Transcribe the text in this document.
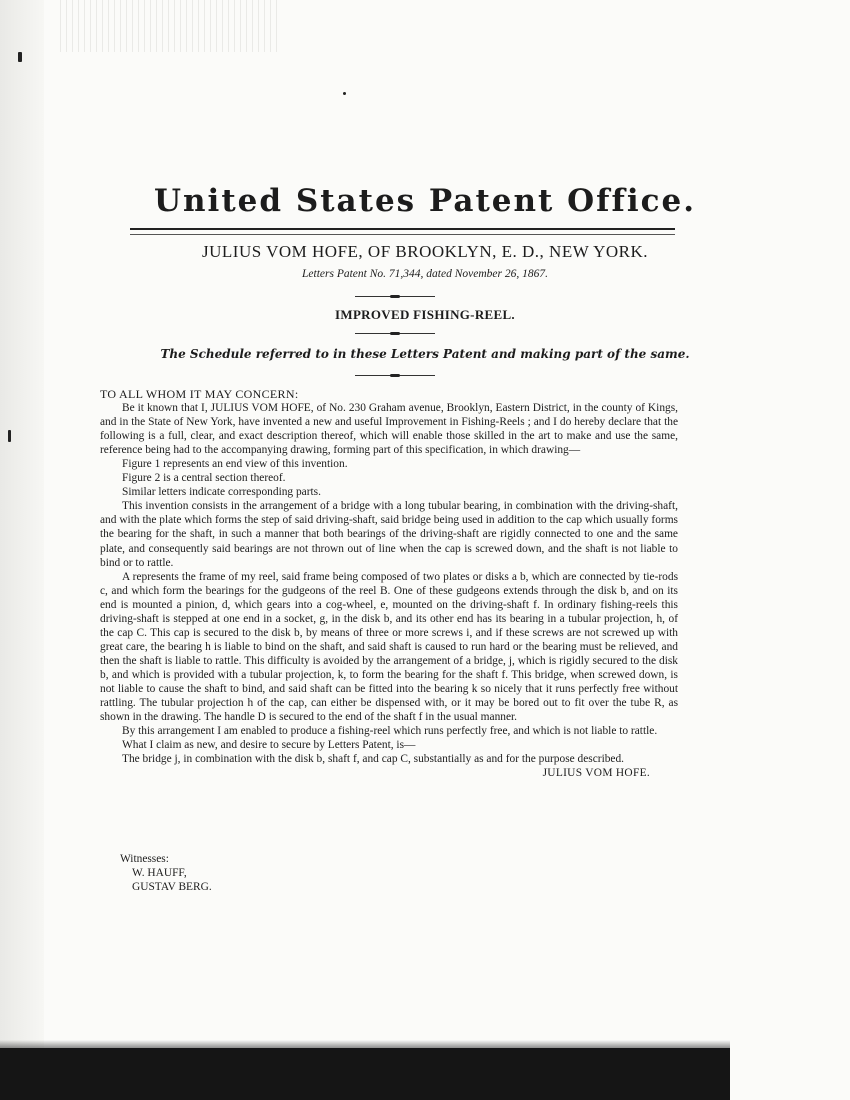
United States Patent Office.
JULIUS VOM HOFE, OF BROOKLYN, E. D., NEW YORK.
Letters Patent No. 71,344, dated November 26, 1867.
IMPROVED FISHING-REEL.
The Schedule referred to in these Letters Patent and making part of the same.

TO ALL WHOM IT MAY CONCERN:

Be it known that I, JULIUS VOM HOFE, of No. 230 Graham avenue, Brooklyn, Eastern District, in the county of Kings, and in the State of New York, have invented a new and useful Improvement in Fishing-Reels ; and I do hereby declare that the following is a full, clear, and exact description thereof, which will enable those skilled in the art to make and use the same, reference being had to the accompanying drawing, forming part of this specification, in which drawing—

Figure 1 represents an end view of this invention.

Figure 2 is a central section thereof.

Similar letters indicate corresponding parts.

This invention consists in the arrangement of a bridge with a long tubular bearing, in combination with the driving-shaft, and with the plate which forms the step of said driving-shaft, said bridge being used in addition to the cap which usually forms the bearing for the shaft, in such a manner that both bearings of the driving-shaft are rigidly connected to one and the same plate, and consequently said bearings are not thrown out of line when the cap is screwed down, and the shaft is not liable to bind or to rattle.

A represents the frame of my reel, said frame being composed of two plates or disks a b, which are connected by tie-rods c, and which form the bearings for the gudgeons of the reel B. One of these gudgeons extends through the disk b, and on its end is mounted a pinion, d, which gears into a cog-wheel, e, mounted on the driving-shaft f. In ordinary fishing-reels this driving-shaft is stepped at one end in a socket, g, in the disk b, and its other end has its bearing in a tubular projection, h, of the cap C. This cap is secured to the disk b, by means of three or more screws i, and if these screws are not screwed up with great care, the bearing h is liable to bind on the shaft, and said shaft is caused to run hard or the bearing must be relieved, and then the shaft is liable to rattle. This difficulty is avoided by the arrangement of a bridge, j, which is rigidly secured to the disk b, and which is provided with a tubular projection, k, to form the bearing for the shaft f. This bridge, when screwed down, is not liable to cause the shaft to bind, and said shaft can be fitted into the bearing k so nicely that it runs perfectly free without rattling. The tubular projection h of the cap, can either be dispensed with, or it may be bored out to fit over the tube R, as shown in the drawing. The handle D is secured to the end of the shaft f in the usual manner.

By this arrangement I am enabled to produce a fishing-reel which runs perfectly free, and which is not liable to rattle.

What I claim as new, and desire to secure by Letters Patent, is—

The bridge j, in combination with the disk b, shaft f, and cap C, substantially as and for the purpose described.

JULIUS VOM HOFE.

Witnesses:
W. HAUFF,
GUSTAV BERG.
